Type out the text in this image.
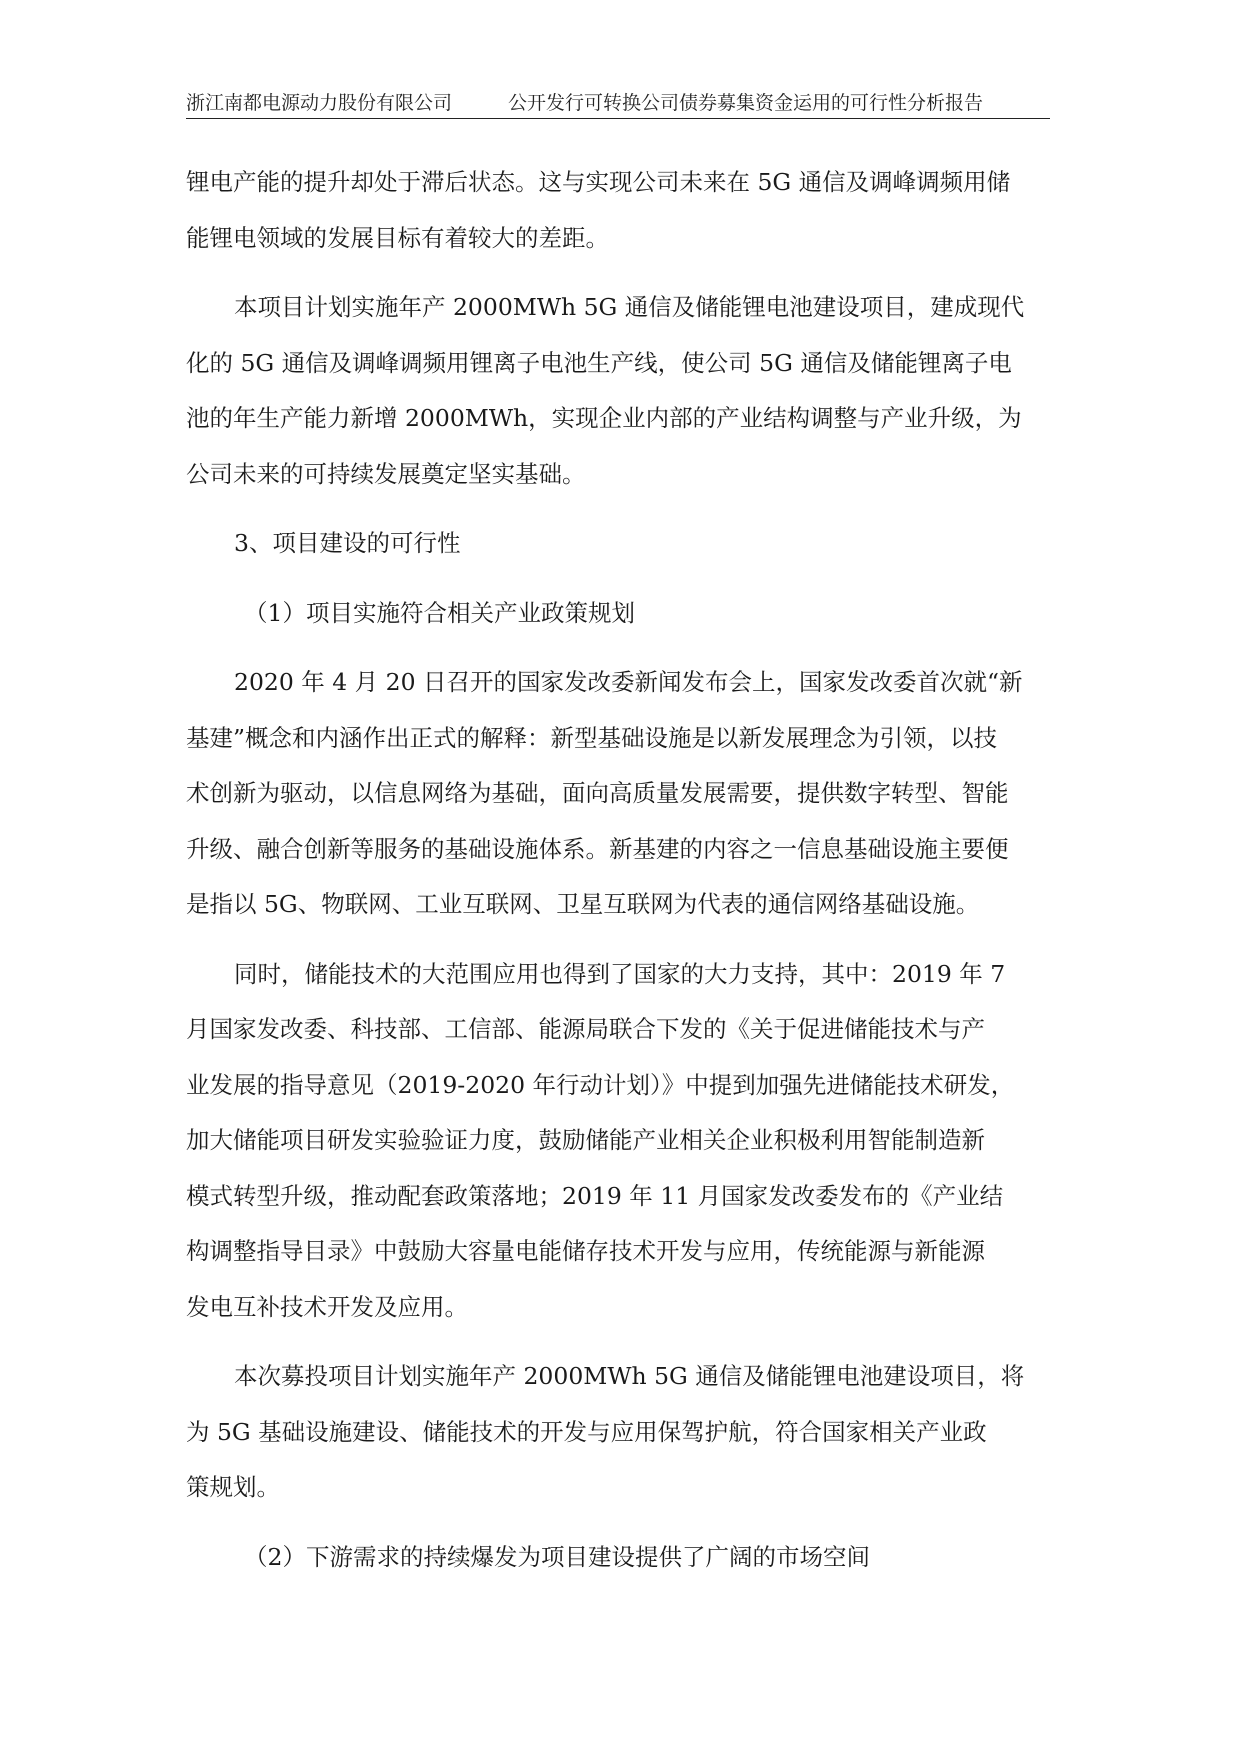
浙江南都电源动力股份有限公司	公开发行可转换公司债券募集资金运用的可行性分析报告
锂电产能的提升却处于滞后状态。这与实现公司未来在 5G 通信及调峰调频用储
能锂电领域的发展目标有着较大的差距。
本项目计划实施年产 2000MWh 5G 通信及储能锂电池建设项目，建成现代
化的 5G 通信及调峰调频用锂离子电池生产线，使公司 5G 通信及储能锂离子电
池的年生产能力新增 2000MWh，实现企业内部的产业结构调整与产业升级，为
公司未来的可持续发展奠定坚实基础。
3、项目建设的可行性
（1）项目实施符合相关产业政策规划
2020 年 4 月 20 日召开的国家发改委新闻发布会上，国家发改委首次就“新
基建”概念和内涵作出正式的解释：新型基础设施是以新发展理念为引领，以技
术创新为驱动，以信息网络为基础，面向高质量发展需要，提供数字转型、智能
升级、融合创新等服务的基础设施体系。新基建的内容之一信息基础设施主要便
是指以 5G、物联网、工业互联网、卫星互联网为代表的通信网络基础设施。
同时，储能技术的大范围应用也得到了国家的大力支持，其中：2019 年 7
月国家发改委、科技部、工信部、能源局联合下发的《关于促进储能技术与产
业发展的指导意见（2019-2020 年行动计划）》中提到加强先进储能技术研发，
加大储能项目研发实验验证力度，鼓励储能产业相关企业积极利用智能制造新
模式转型升级，推动配套政策落地；2019 年 11 月国家发改委发布的《产业结
构调整指导目录》中鼓励大容量电能储存技术开发与应用，传统能源与新能源
发电互补技术开发及应用。
本次募投项目计划实施年产 2000MWh 5G 通信及储能锂电池建设项目，将
为 5G 基础设施建设、储能技术的开发与应用保驾护航，符合国家相关产业政
策规划。
（2）下游需求的持续爆发为项目建设提供了广阔的市场空间
